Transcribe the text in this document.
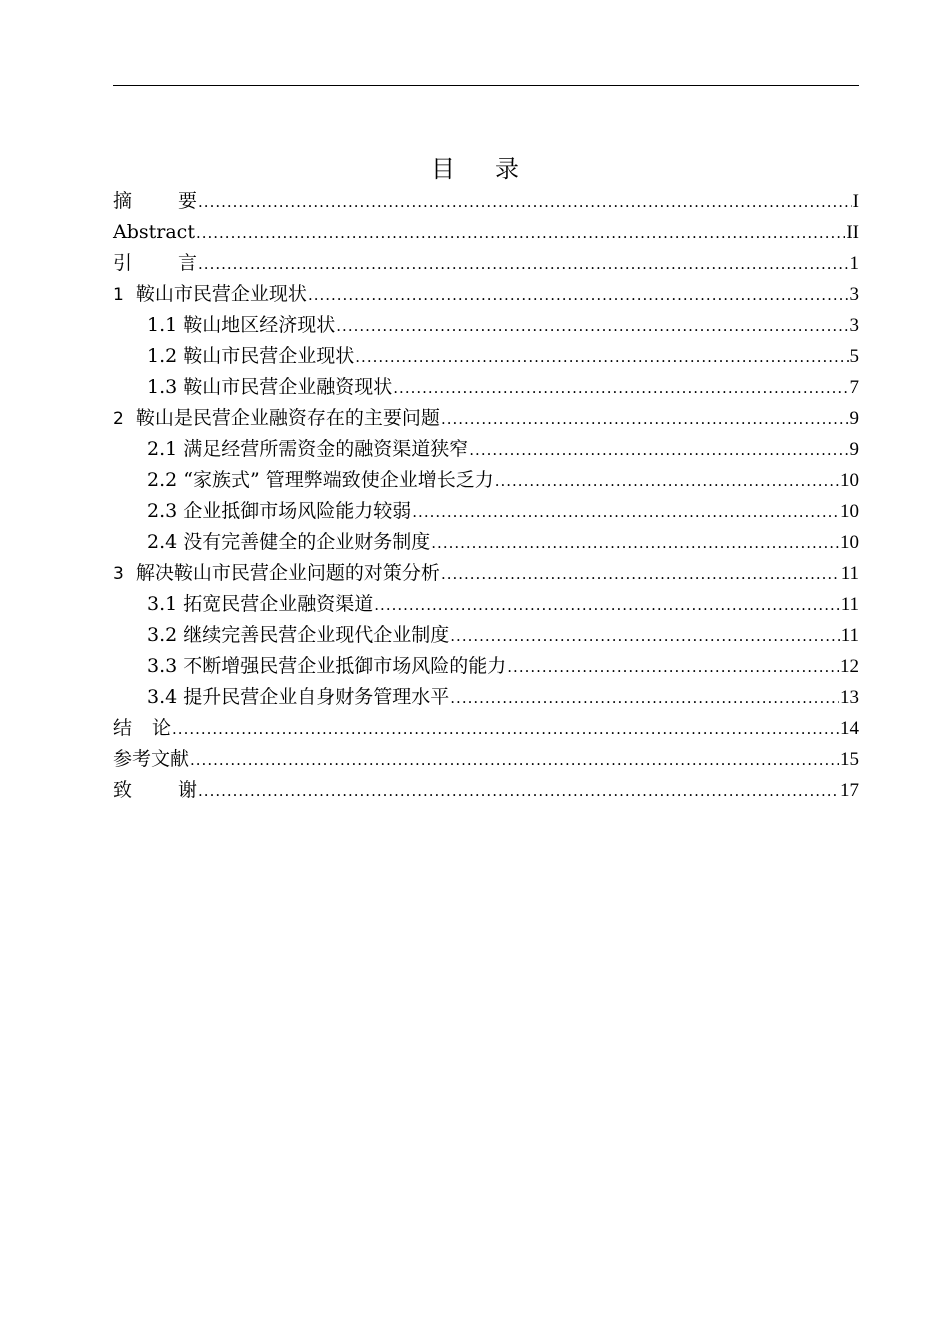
目录
摘 要 .....	I
Abstract .....	II
引 言 .....	1
1 鞍山市民营企业现状 .....	3
1.1 鞍山地区经济现状 .....	3
1.2 鞍山市民营企业现状 .....	5
1.3 鞍山市民营企业融资现状 .....	7
2 鞍山是民营企业融资存在的主要问题 .....	9
2.1 满足经营所需资金的融资渠道狭窄 .....	9
2.2 “家族式” 管理弊端致使企业增长乏力 .....	10
2.3 企业抵御市场风险能力较弱 .....	10
2.4 没有完善健全的企业财务制度 .....	10
3 解决鞍山市民营企业问题的对策分析 .....	11
3.1 拓宽民营企业融资渠道 .....	11
3.2 继续完善民营企业现代企业制度 .....	11
3.3 不断增强民营企业抵御市场风险的能力 .....	12
3.4 提升民营企业自身财务管理水平 .....	13
结 论 .....	14
参考文献 .....	15
致 谢 .....	17
